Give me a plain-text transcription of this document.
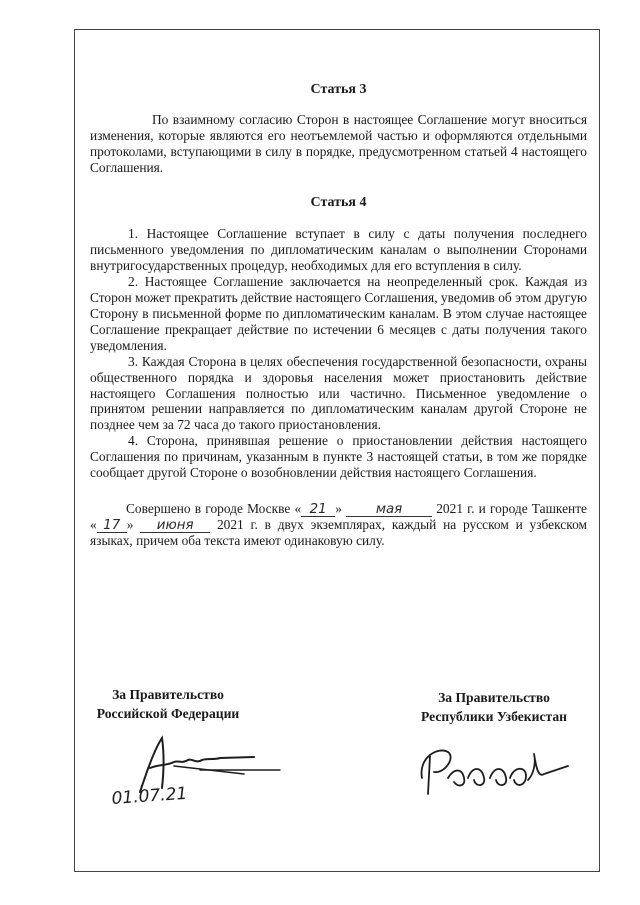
Статья 3

По взаимному согласию Сторон в настоящее Соглашение могут вноситься изменения, которые являются его неотъемлемой частью и оформляются отдельными протоколами, вступающими в силу в порядке, предусмотренном статьей 4 настоящего Соглашения.

Статья 4

1. Настоящее Соглашение вступает в силу с даты получения последнего письменного уведомления по дипломатическим каналам о выполнении Сторонами внутригосударственных процедур, необходимых для его вступления в силу.

2. Настоящее Соглашение заключается на неопределенный срок. Каждая из Сторон может прекратить действие настоящего Соглашения, уведомив об этом другую Сторону в письменной форме по дипломатическим каналам. В этом случае настоящее Соглашение прекращает действие по истечении 6 месяцев с даты получения такого уведомления.

3. Каждая Сторона в целях обеспечения государственной безопасности, охраны общественного порядка и здоровья населения может приостановить действие настоящего Соглашения полностью или частично. Письменное уведомление о принятом решении направляется по дипломатическим каналам другой Стороне не позднее чем за 72 часа до такого приостановления.

4. Сторона, принявшая решение о приостановлении действия настоящего Соглашения по причинам, указанным в пункте 3 настоящей статьи, в том же порядке сообщает другой Стороне о возобновлении действия настоящего Соглашения.

Совершено в городе Москве « 21 »	мая 2021 г. и городе Ташкенте « 17 » июня 2021 г. в двух экземплярах, каждый на русском и узбекском языках, причем оба текста имеют одинаковую силу.

За Правительство
Российской Федерации
За Правительство
Республики Узбекистан
01.07.21
